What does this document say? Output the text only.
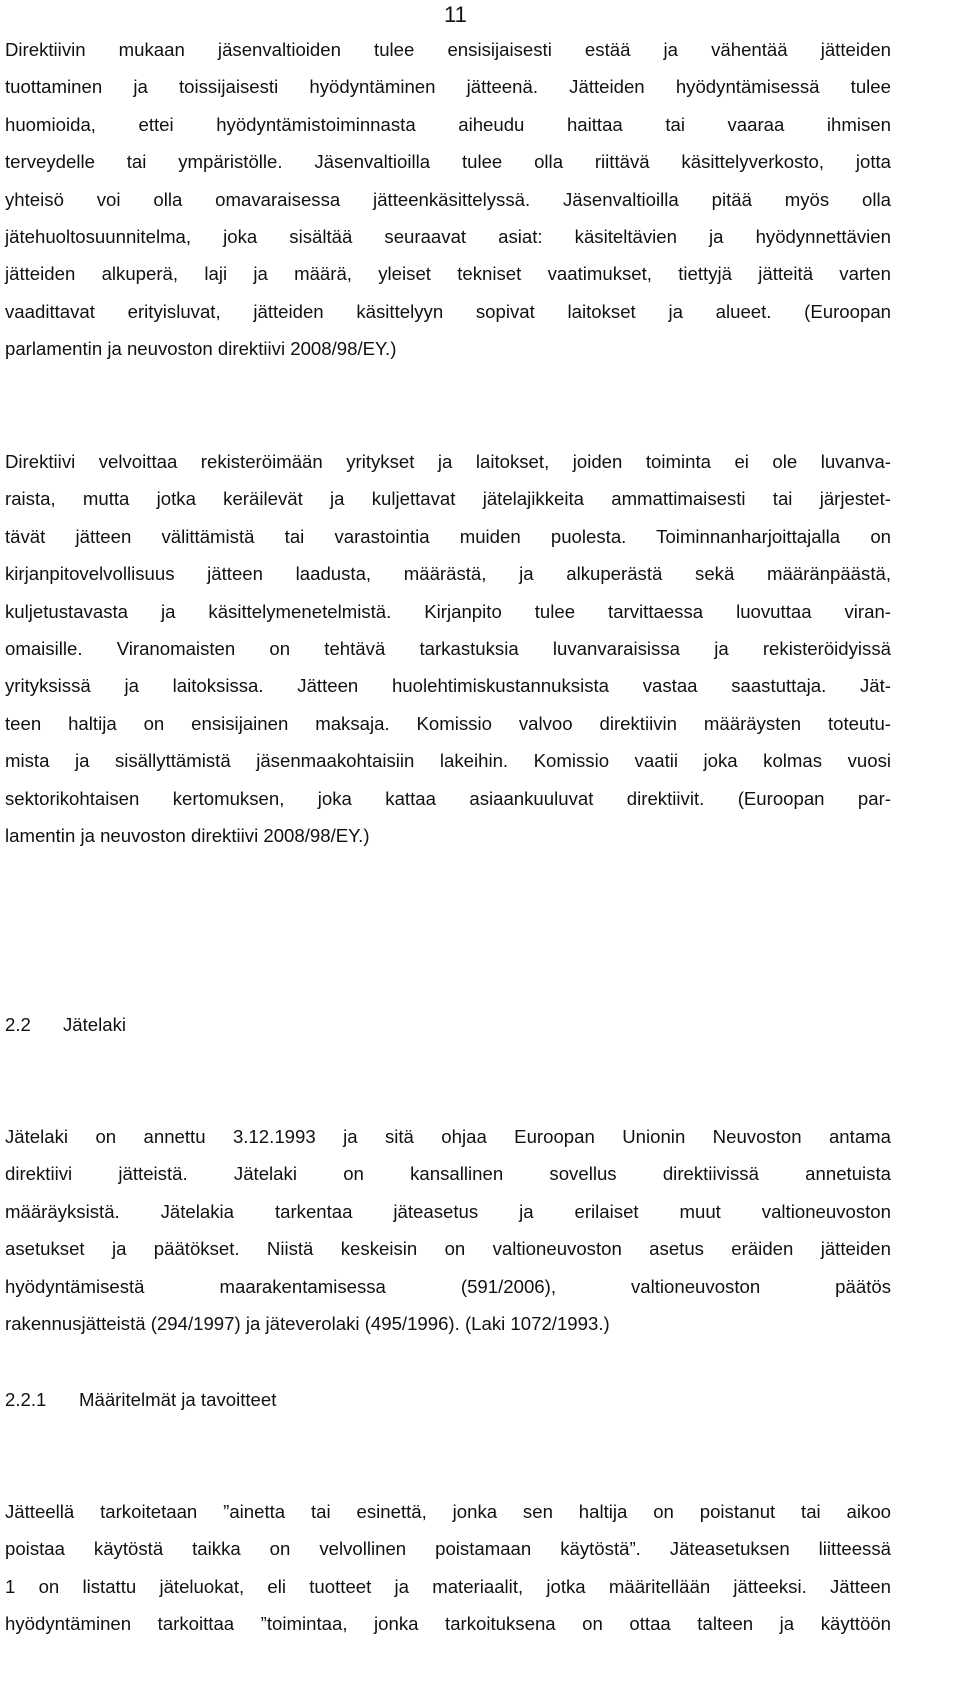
11
Direktiivin mukaan jäsenvaltioiden tulee ensisijaisesti estää ja vähentää jätteiden
tuottaminen ja toissijaisesti hyödyntäminen jätteenä. Jätteiden hyödyntämisessä tulee
huomioida, ettei hyödyntämistoiminnasta aiheudu haittaa tai vaaraa ihmisen
terveydelle tai ympäristölle. Jäsenvaltioilla tulee olla riittävä käsittelyverkosto, jotta
yhteisö voi olla omavaraisessa jätteenkäsittelyssä. Jäsenvaltioilla pitää myös olla
jätehuoltosuunnitelma, joka sisältää seuraavat asiat: käsiteltävien ja hyödynnettävien
jätteiden alkuperä, laji ja määrä, yleiset tekniset vaatimukset, tiettyjä jätteitä varten
vaadittavat erityisluvat, jätteiden käsittelyyn sopivat laitokset ja alueet. (Euroopan
parlamentin ja neuvoston direktiivi 2008/98/EY.)
Direktiivi velvoittaa rekisteröimään yritykset ja laitokset, joiden toiminta ei ole luvanva-
raista, mutta jotka keräilevät ja kuljettavat jätelajikkeita ammattimaisesti tai järjestet-
tävät jätteen välittämistä tai varastointia muiden puolesta. Toiminnanharjoittajalla on
kirjanpitovelvollisuus jätteen laadusta, määrästä, ja alkuperästä sekä määränpäästä,
kuljetustavasta ja käsittelymenetelmistä. Kirjanpito tulee tarvittaessa luovuttaa viran-
omaisille. Viranomaisten on tehtävä tarkastuksia luvanvaraisissa ja rekisteröidyissä
yrityksissä ja laitoksissa. Jätteen huolehtimiskustannuksista vastaa saastuttaja. Jät-
teen haltija on ensisijainen maksaja. Komissio valvoo direktiivin määräysten toteutu-
mista ja sisällyttämistä jäsenmaakohtaisiin lakeihin. Komissio vaatii joka kolmas vuosi
sektorikohtaisen kertomuksen, joka kattaa asiaankuuluvat direktiivit. (Euroopan par-
lamentin ja neuvoston direktiivi 2008/98/EY.)
2.2 Jätelaki
Jätelaki on annettu 3.12.1993 ja sitä ohjaa Euroopan Unionin Neuvoston antama
direktiivi jätteistä. Jätelaki on kansallinen sovellus direktiivissä annetuista
määräyksistä. Jätelakia tarkentaa jäteasetus ja erilaiset muut valtioneuvoston
asetukset ja päätökset. Niistä keskeisin on valtioneuvoston asetus eräiden jätteiden
hyödyntämisestä maarakentamisessa (591/2006), valtioneuvoston päätös
rakennusjätteistä (294/1997) ja jäteverolaki (495/1996). (Laki 1072/1993.)
2.2.1 Määritelmät ja tavoitteet
Jätteellä tarkoitetaan ”ainetta tai esinettä, jonka sen haltija on poistanut tai aikoo
poistaa käytöstä taikka on velvollinen poistamaan käytöstä”. Jäteasetuksen liitteessä
1 on listattu jäteluokat, eli tuotteet ja materiaalit, jotka määritellään jätteeksi. Jätteen
hyödyntäminen tarkoittaa ”toimintaa, jonka tarkoituksena on ottaa talteen ja käyttöön
